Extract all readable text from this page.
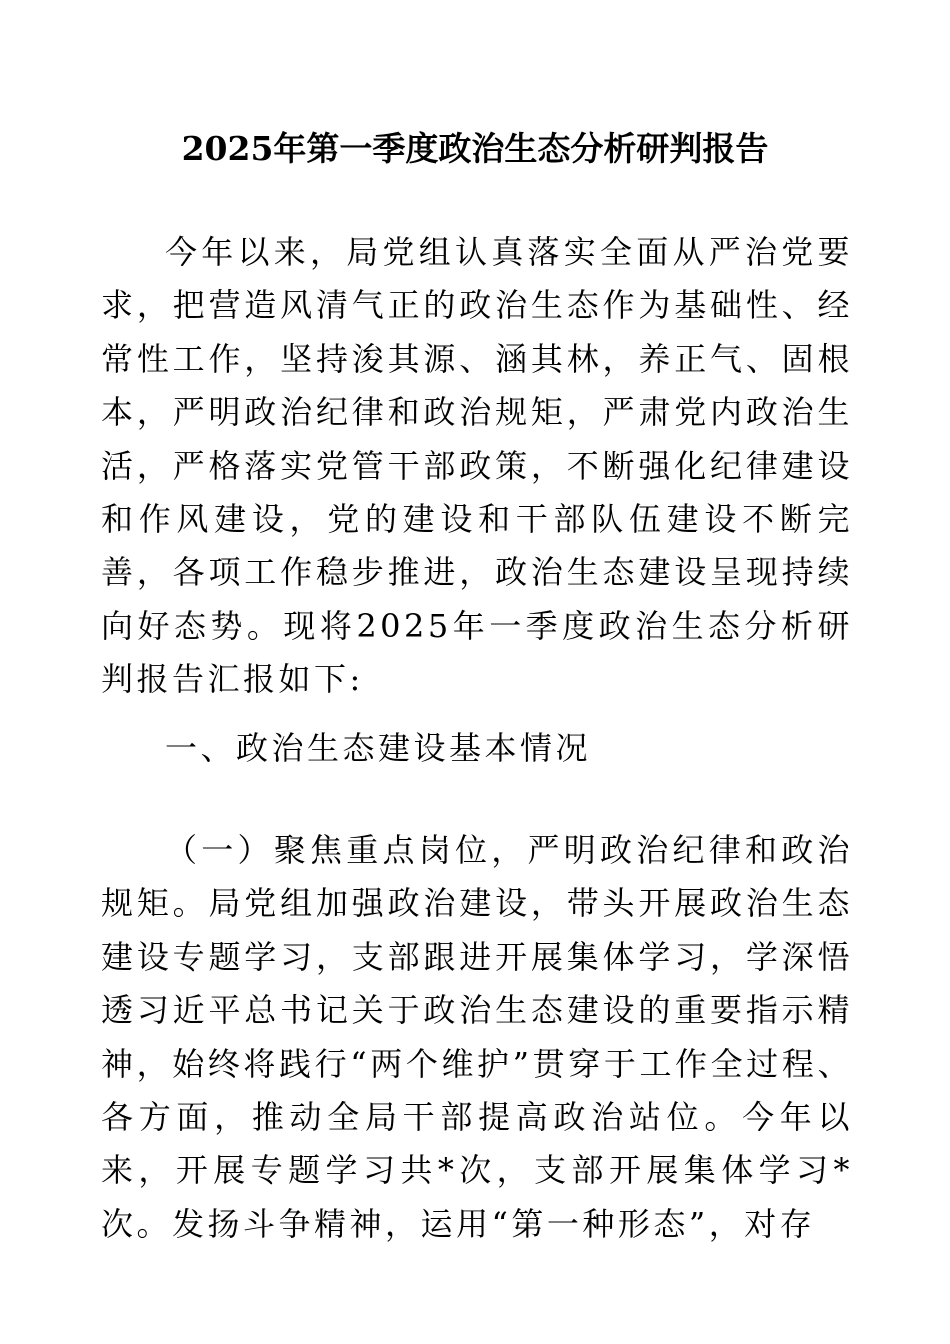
2025年第一季度政治生态分析研判报告

今年以来，局党组认真落实全面从严治党要求，把营造风清气正的政治生态作为基础性、经常性工作，坚持浚其源、涵其林，养正气、固根本，严明政治纪律和政治规矩，严肃党内政治生活，严格落实党管干部政策，不断强化纪律建设和作风建设，党的建设和干部队伍建设不断完善，各项工作稳步推进，政治生态建设呈现持续向好态势。现将2025年一季度政治生态分析研判报告汇报如下:

一、政治生态建设基本情况

（一）聚焦重点岗位，严明政治纪律和政治规矩。局党组加强政治建设，带头开展政治生态建设专题学习，支部跟进开展集体学习，学深悟透习近平总书记关于政治生态建设的重要指示精神，始终将践行“两个维护”贯穿于工作全过程、各方面，推动全局干部提高政治站位。今年以来，开展专题学习共*次，支部开展集体学习*次。发扬斗争精神，运用“第一种形态”，对存
